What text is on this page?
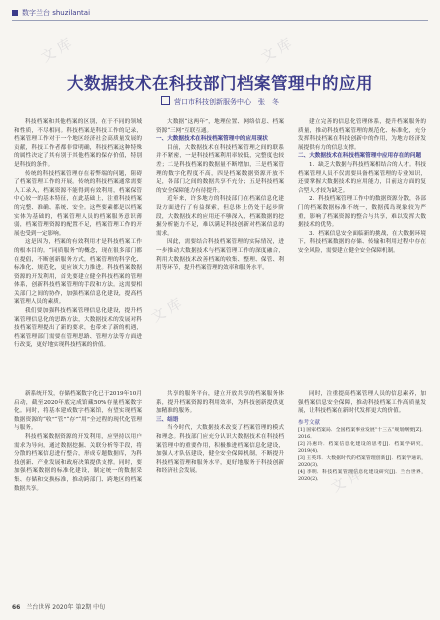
文 库	文 库
文 库
文 库
数字兰台 shuzilantai
大数据技术在科技部门档案管理中的应用
营口市科技创新服务中心　张　冬

科技档案和其他档案的区别，在于不同的领域和性质，不尽相同。科技档案是科技工作的记录，档案管理工作对于一个地区经济社会高质量发展的贡献，科技工作者都非常明确，科技档案这种特殊的属性决定了其有别于其他档案的保存价值，特别是科技的条件。

传统的科技档案管理存在着弊端的问题，阻碍了档案管理工作的开展。传统的科技档案通常需要人工录入，档案资源不能得到有效利用，档案保管中心较一的基本特征，在此基础上，注重科技档案的完整、准确、系统、安全。这些要素都是以档案实体为基础的，档案管理人员的档案服务意识薄弱，档案管理资源的配置不足，档案管理工作的开展也受到一定影响。

这是因为，档案的有效利用才是科技档案工作的根本目的。“同质服务”的概念，现在很多部门都在提倡，不断创新服务方式，档案管理的科学化、标准化、规范化，更应该大力推进。科技档案数据资源的开发利用，首先要建立健全科技档案的管理体系，创新科技档案管理的手段和方法。这需要相关部门之间的协作，加强档案信息化建设，提高档案管理人员的素质。

我们要加强科技档案管理信息化建设，提升档案管理信息化的思路方法，大数据技术的发展对科技档案管理提出了新的要求，也带来了新的机遇，档案管理部门需要在管理思路、管理方法等方面进行改变，更好地实现科技档案的价值。

大数据“这两年”，地理位置、网络信息、档案资源“三网”互联互通。

一、大数据技术在科技档案管理中的应用现状

目前，大数据技术在科技档案管理之间的联系并不紧密，一是科技档案利用率较低，完整度也较差；二是科技档案的数据量不断增加，三是档案管理的数字化程度不高，四是档案数据资源开放不足，各部门之间的数据共享不充分；五是科技档案的安全保障能力有待提升。

近年来，许多地方的科技部门在档案信息化建设方面进行了有益探索，但总体上仍处于起步阶段，大数据技术的应用还不够深入，档案数据的挖掘分析能力不足，难以满足科技创新对档案信息的需求。

因此，需要结合科技档案管理的实际情况，进一步推动大数据技术与档案管理工作的深度融合，利用大数据技术改善档案的收集、整理、保管、利用等环节，提升档案管理的效率和服务水平。

建立完善的信息化管理体系，提升档案服务的质量，推动科技档案管理的规范化、标准化，充分发挥科技档案在科技创新中的作用，为地方经济发展提供有力的信息支撑。

二、大数据技术在科技档案管理中应用存在的问题

1．缺乏大数据与科技档案相结合的人才。科技档案管理人员不仅需要具备档案管理的专业知识，还要掌握大数据技术的应用能力，目前这方面的复合型人才较为缺乏。

2．科技档案管理工作中的数据资源分散，各部门的档案数据标准不统一，数据孤岛现象较为严重，影响了档案资源的整合与共享，难以发挥大数据技术的优势。

3．档案信息安全面临新的挑战，在大数据环境下，科技档案数据的存储、传输和利用过程中存在安全风险，需要建立健全安全保障机制。

新系统开发，存储档案数字化已于2019年10月启动，截至2020年底完成馆藏50%存量档案数字化。同时，将基本建成数字档案馆，有望实现档案数据资源的“收”“管”“存”“用”全过程的现代化管理与服务。

科技档案数据资源的开发利用，应坚持以用户需求为导向，通过数据挖掘、关联分析等手段，将分散的档案信息进行整合，形成专题数据库，为科技创新、产业发展和政府决策提供支撑。同时，要加强档案数据的标准化建设，制定统一的数据采集、存储和交换标准，推动跨部门、跨地区的档案数据共享。

共享的服务平台，建立开放共享的档案服务体系，提升档案资源的利用效率，为科技创新提供更加精准的服务。

三、结语

当今时代，大数据技术改变了档案管理的模式和理念。科技部门应充分认识大数据技术在科技档案管理中的重要作用，积极推进档案信息化建设，加强人才队伍建设，健全安全保障机制，不断提升科技档案管理和服务水平，更好地服务于科技创新和经济社会发展。

同时，注重提高档案管理人员的信息素养，加强档案信息安全保障，推动科技档案工作高质量发展，让科技档案在新时代发挥更大的价值。

参考文献
[1] 国家档案局．全国档案事业发展“十三五”规划纲要[Z]．2016．
[2] 冯惠玲．档案信息化建设的思考[J]．档案学研究，2019(4)．
[3] 王英玮．大数据时代的档案管理创新[J]．档案学通讯，2020(3)．
[4] 李明．科技档案管理信息化建设研究[J]．兰台世界，2020(2)．
66 兰台世界 2020年 第2期 中旬
